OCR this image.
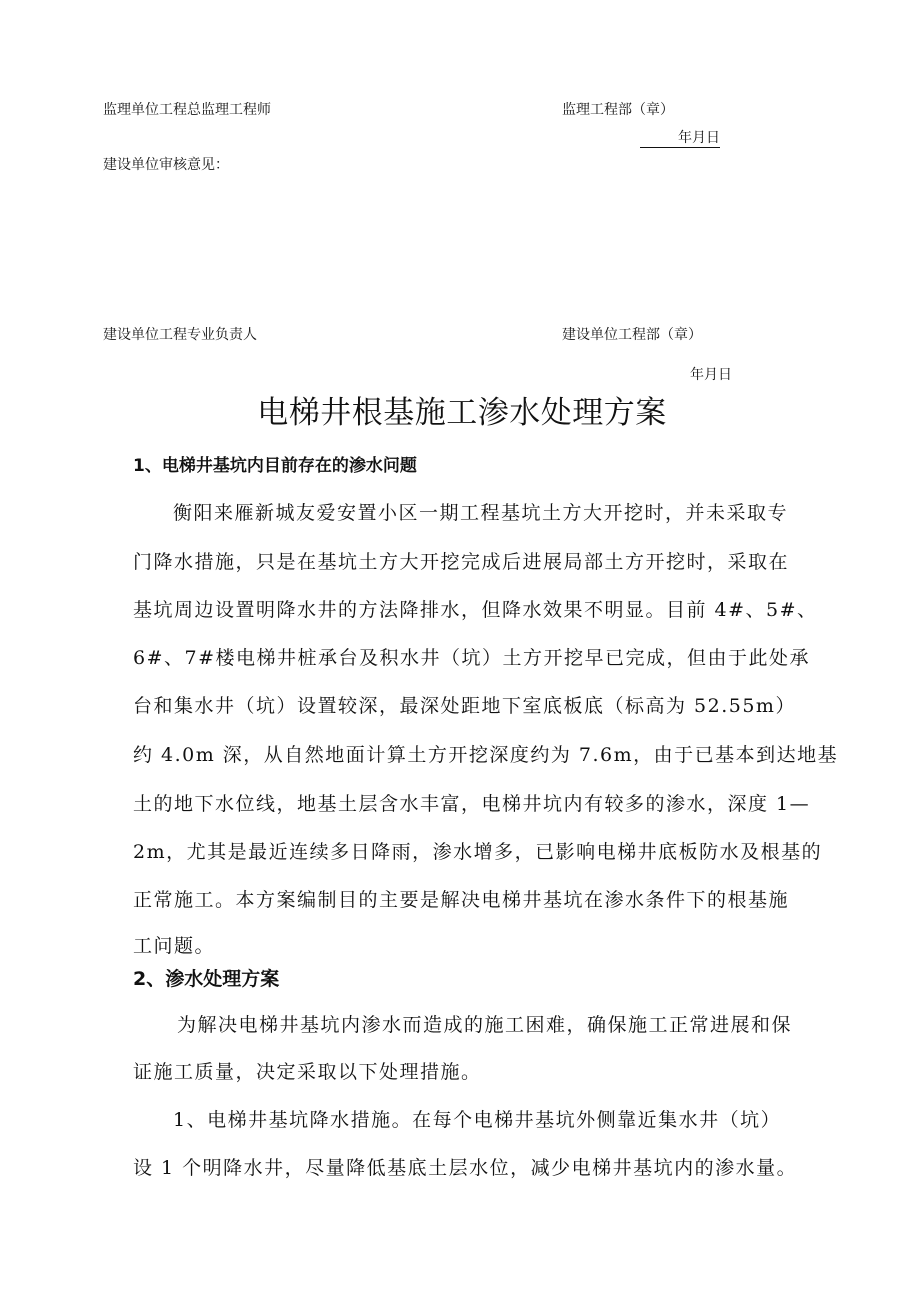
监理单位工程总监理工程师	监理工程部（章）
年月日
建设单位审核意见：
建设单位工程专业负责人	建设单位工程部（章）
年月日
电梯井根基施工渗水处理方案
1、电梯井基坑内目前存在的渗水问题
衡阳来雁新城友爱安置小区一期工程基坑土方大开挖时，并未采取专
门降水措施，只是在基坑土方大开挖完成后进展局部土方开挖时，采取在
基坑周边设置明降水井的方法降排水，但降水效果不明显。目前 4#、5#、
6#、7#楼电梯井桩承台及积水井（坑）土方开挖早已完成，但由于此处承
台和集水井（坑）设置较深，最深处距地下室底板底（标高为 52.55m）
约 4.0m 深，从自然地面计算土方开挖深度约为 7.6m，由于已基本到达地基
土的地下水位线，地基土层含水丰富，电梯井坑内有较多的渗水，深度 1—
2m，尤其是最近连续多日降雨，渗水增多，已影响电梯井底板防水及根基的
正常施工。本方案编制目的主要是解决电梯井基坑在渗水条件下的根基施
工问题。
2、渗水处理方案
为解决电梯井基坑内渗水而造成的施工困难，确保施工正常进展和保
证施工质量，决定采取以下处理措施。
1、电梯井基坑降水措施。在每个电梯井基坑外侧靠近集水井（坑）
设 1 个明降水井，尽量降低基底土层水位，减少电梯井基坑内的渗水量。
